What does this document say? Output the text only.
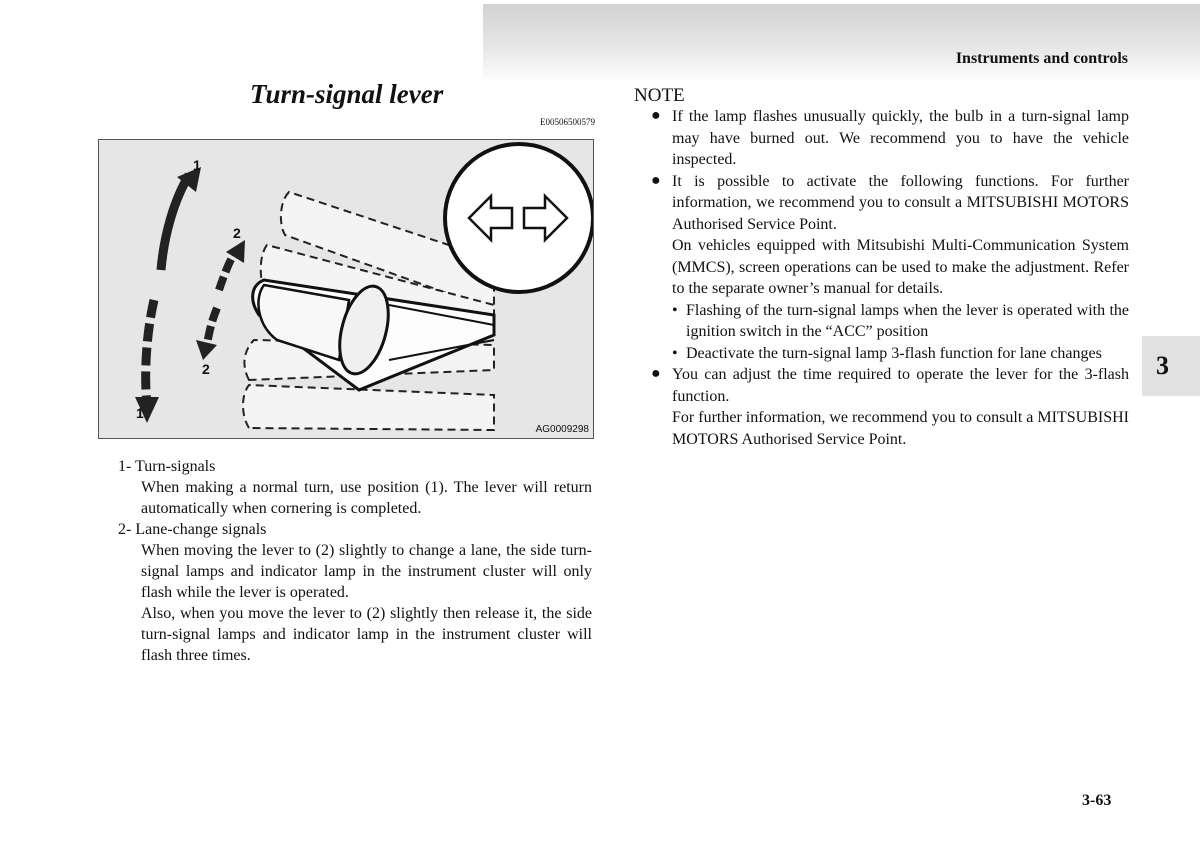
Instruments and controls
3
3-63
Turn-signal lever
E00506500579
1
2
2
1
AG0009298
1- Turn-signals
When making a normal turn, use position (1). The lever will return automatically when cornering is completed.
2- Lane-change signals
When moving the lever to (2) slightly to change a lane, the side turn-signal lamps and indicator lamp in the instrument cluster will only flash while the lever is operated.
Also, when you move the lever to (2) slightly then release it, the side turn-signal lamps and indicator lamp in the instrument cluster will flash three times.
NOTE
● If the lamp flashes unusually quickly, the bulb in a turn-signal lamp may have burned out. We recommend you to have the vehicle inspected.
● It is possible to activate the following functions. For further information, we recommend you to consult a MITSUBISHI MOTORS Authorised Service Point.
On vehicles equipped with Mitsubishi Multi-Communication System (MMCS), screen operations can be used to make the adjustment. Refer to the separate owner’s manual for details.
• Flashing of the turn-signal lamps when the lever is operated with the ignition switch in the “ACC” position
• Deactivate the turn-signal lamp 3-flash function for lane changes
● You can adjust the time required to operate the lever for the 3-flash function.
For further information, we recommend you to consult a MITSUBISHI MOTORS Authorised Service Point.
